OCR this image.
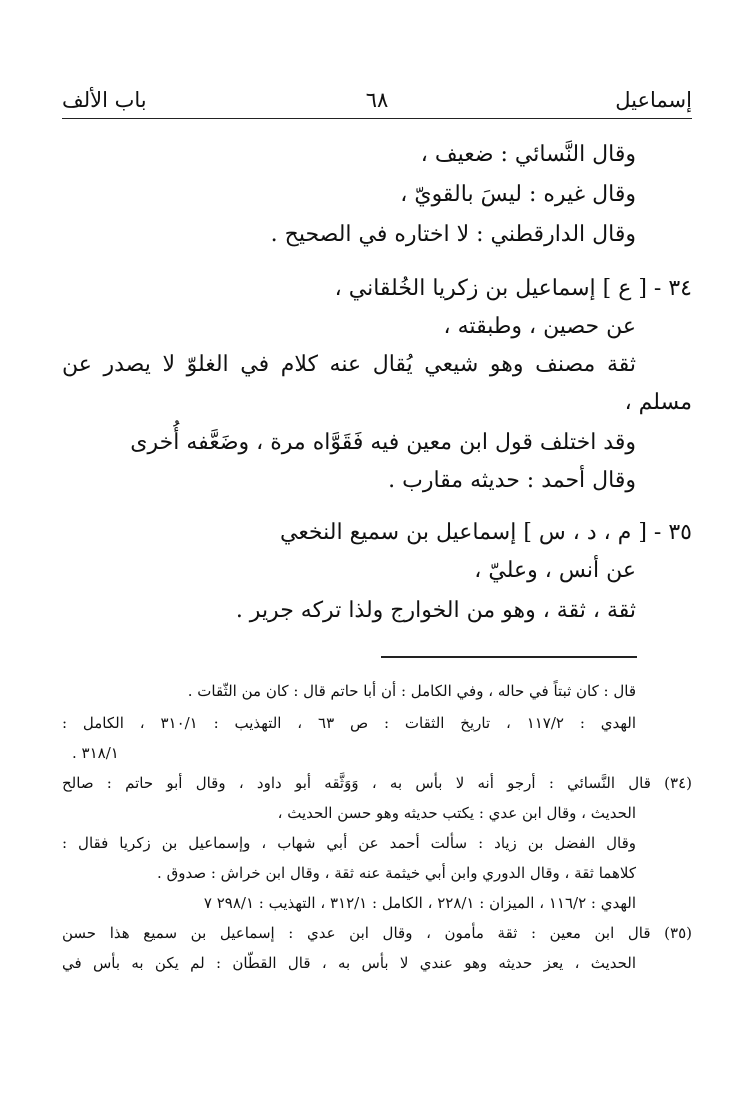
إسماعيل
٦٨
باب الألف
وقال النَّسائي : ضعيف ،
وقال غيره : ليسَ بالقويّ ،
وقال الدارقطني : لا اختاره في الصحيح .
٣٤ - [ ع ] إسماعيل بن زكريا الخُلقاني ،
عن حصين ، وطبقته ،
ثقة مصنف وهو شيعي يُقال عنه كلام في الغلوّ لا يصدر عن
مسلم ،
وقد اختلف قول ابن معين فيه فَقَوَّاه مرة ، وضَعَّفه أُخرى
وقال أحمد : حديثه مقارب .
٣٥ - [ م ، د ، س ] إسماعيل بن سميع النخعي
عن أنس ، وعليّ ،
ثقة ، ثقة ، وهو من الخوارج ولذا تركه جرير .
قال : كان ثبتاً في حاله ، وفي الكامل : أن أبا حاتم قال : كان من الثّقات .
الهدي : ١١٧/٢ ، تاريخ الثقات : ص ٦٣ ، التهذيب : ٣١٠/١ ، الكامل :
٣١٨/١ .
(٣٤) قال النَّسائي : أرجو أنه لا بأس به ، وَوَثَّقه أبو داود ، وقال أبو حاتم : صالح
الحديث ، وقال ابن عدي : يكتب حديثه وهو حسن الحديث ،
وقال الفضل بن زياد : سألت أحمد عن أبي شهاب ، وإسماعيل بن زكريا فقال :
كلاهما ثقة ، وقال الدوري وابن أبي خيثمة عنه ثقة ، وقال ابن خراش : صدوق .
الهدي : ١١٦/٢ ، الميزان : ٢٢٨/١ ، الكامل : ٣١٢/١ ، التهذيب : ٢٩٨/١ ٧
(٣٥) قال ابن معين : ثقة مأمون ، وقال ابن عدي : إسماعيل بن سميع هذا حسن
الحديث ، يعز حديثه وهو عندي لا بأس به ، قال القطّان : لم يكن به بأس في
